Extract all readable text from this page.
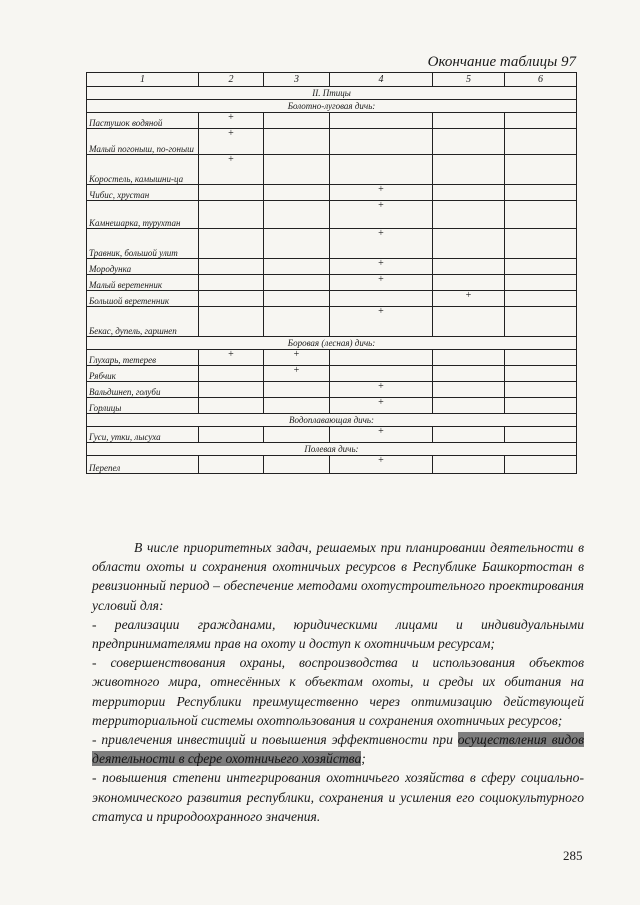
Окончание таблицы 97
1	2	3	4	5	6
II. Птицы					
Болотно-луговая дичь:					
Пастушок водяной	+				
Малый погоныш, по-гоныш	+				
Коростель, камышни-ца	+				
Чибис, хрустан			+		
Камнешарка, турухтан			+		
Травник, большой улит			+		
Мородунка			+		
Малый веретенник			+		
Большой веретенник				+	
Бекас, дупель, гаршнеп			+		
Боровая (лесная) дичь:					
Глухарь, тетерев	+	+			
Рябчик		+			
Вальдшнеп, голуби			+		
Горлицы			+		
Водоплавающая дичь:					
Гуси, утки, лысуха			+		
Полевая дичь:					
Перепел			+		

В числе приоритетных задач, решаемых при планировании деятельности в области охоты и сохранения охотничьих ресурсов в Республике Башкортостан в ревизионный период – обеспечение методами охотустроительного проектирования условий для:

- реализации гражданами, юридическими лицами и индивидуальными предпринимателями прав на охоту и доступ к охотничьим ресурсам;

- совершенствования охраны, воспроизводства и использования объектов животного мира, отнесённых к объектам охоты, и среды их обитания на территории Республики преимущественно через оптимизацию действующей территориальной системы охотпользования и сохранения охотничьих ресурсов;

- привлечения инвестиций и повышения эффективности при осуществления видов деятельности в сфере охотничьего хозяйства;

- повышения степени интегрирования охотничьего хозяйства в сферу социально-экономического развития республики, сохранения и усиления его социокультурного статуса и природоохранного значения.

285
